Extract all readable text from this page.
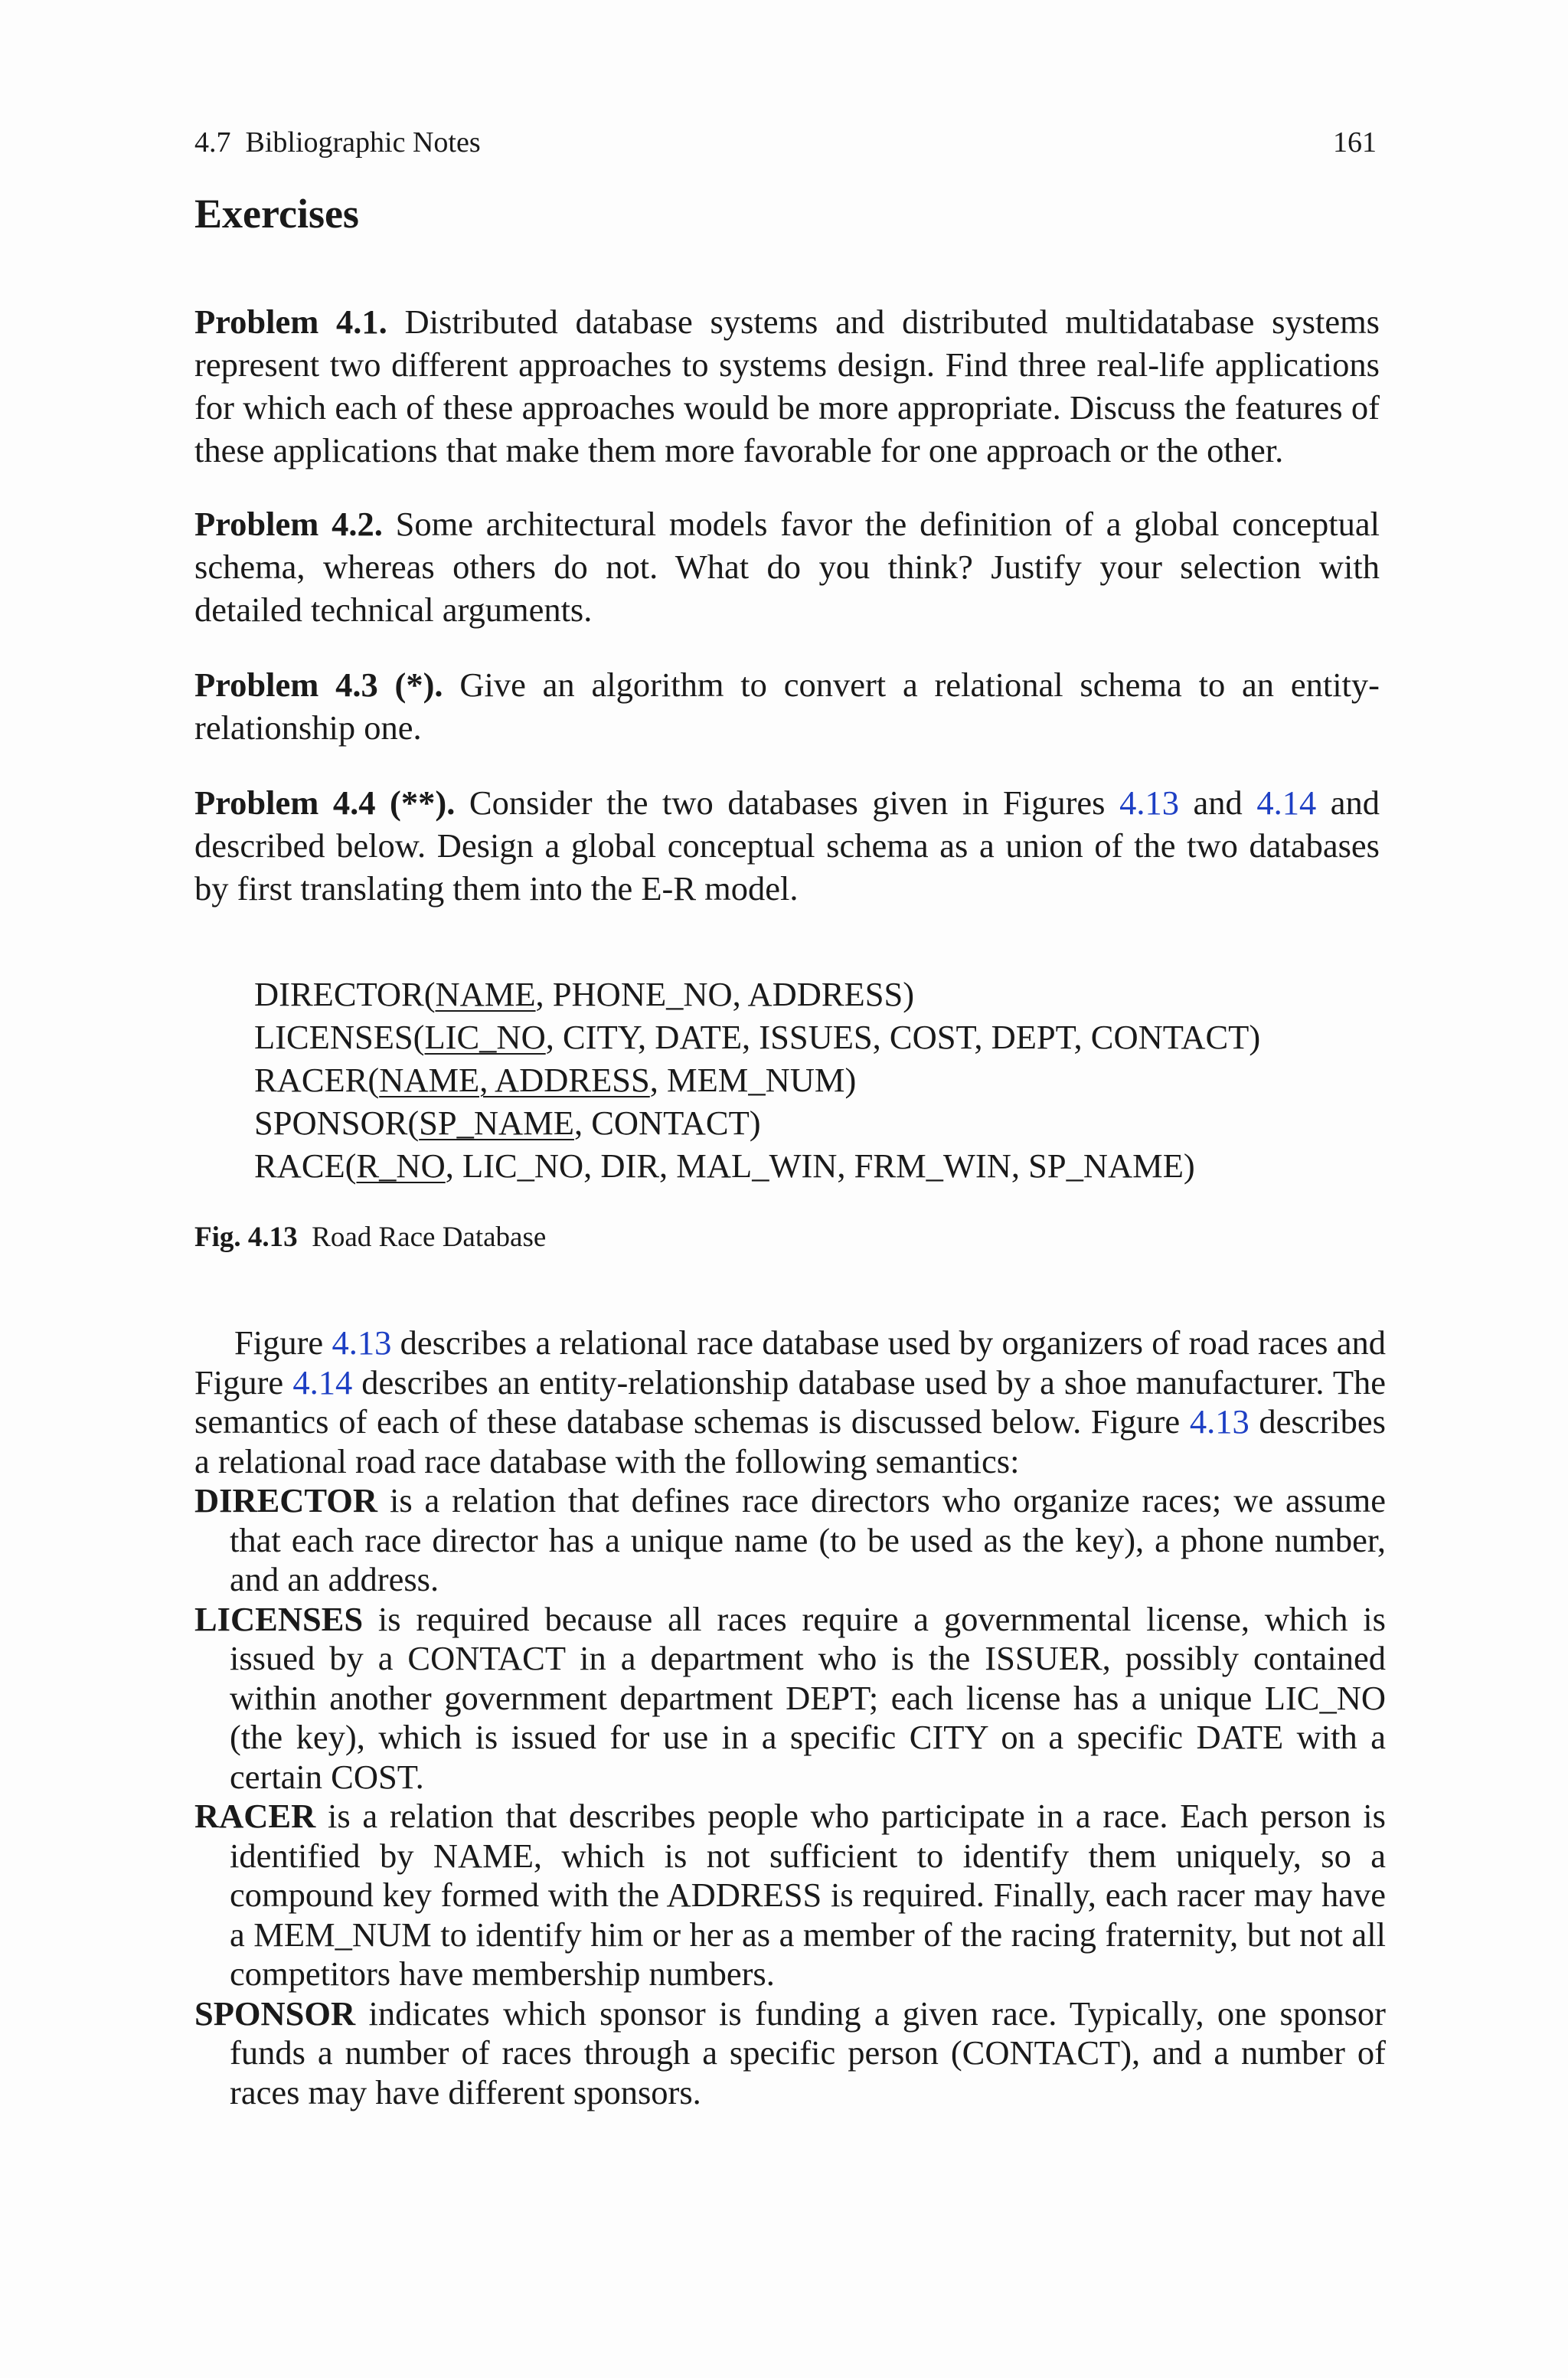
4.7  Bibliographic Notes	161
Exercises

Problem 4.1. Distributed database systems and distributed multidatabase systems represent two different approaches to systems design. Find three real-life applications for which each of these approaches would be more appropriate. Discuss the features of these applications that make them more favorable for one approach or the other.

Problem 4.2. Some architectural models favor the definition of a global conceptual schema, whereas others do not. What do you think? Justify your selection with detailed technical arguments.

Problem 4.3 (*). Give an algorithm to convert a relational schema to an entity-relationship one.

Problem 4.4 (**). Consider the two databases given in Figures 4.13 and 4.14 and described below. Design a global conceptual schema as a union of the two databases by first translating them into the E-R model.

DIRECTOR(NAME, PHONE_NO, ADDRESS)
LICENSES(LIC_NO, CITY, DATE, ISSUES, COST, DEPT, CONTACT)
RACER(NAME, ADDRESS, MEM_NUM)
SPONSOR(SP_NAME, CONTACT)
RACE(R_NO, LIC_NO, DIR, MAL_WIN, FRM_WIN, SP_NAME)
Fig. 4.13 Road Race Database

Figure 4.13 describes a relational race database used by organizers of road races and Figure 4.14 describes an entity-relationship database used by a shoe manufacturer. The semantics of each of these database schemas is discussed below. Figure 4.13 describes a relational road race database with the following semantics:

DIRECTOR is a relation that defines race directors who organize races; we assume that each race director has a unique name (to be used as the key), a phone number, and an address.

LICENSES is required because all races require a governmental license, which is issued by a CONTACT in a department who is the ISSUER, possibly contained within another government department DEPT; each license has a unique LIC_NO (the key), which is issued for use in a specific CITY on a specific DATE with a certain COST.

RACER is a relation that describes people who participate in a race. Each person is identified by NAME, which is not sufficient to identify them uniquely, so a compound key formed with the ADDRESS is required. Finally, each racer may have a MEM_NUM to identify him or her as a member of the racing fraternity, but not all competitors have membership numbers.

SPONSOR indicates which sponsor is funding a given race. Typically, one sponsor funds a number of races through a specific person (CONTACT), and a number of races may have different sponsors.
